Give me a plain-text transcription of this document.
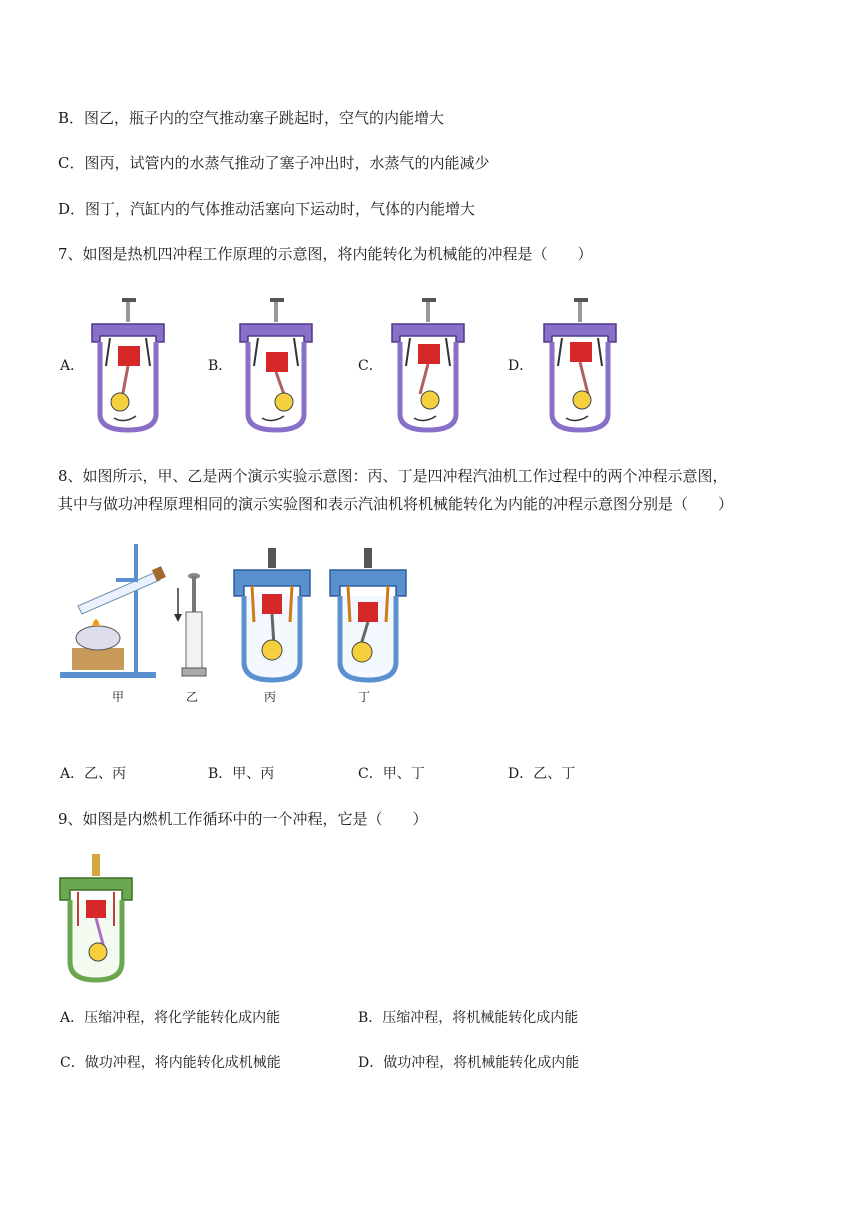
B．图乙，瓶子内的空气推动塞子跳起时，空气的内能增大
C．图丙，试管内的水蒸气推动了塞子冲出时，水蒸气的内能减少
D．图丁，汽缸内的气体推动活塞向下运动时，气体的内能增大
7、如图是热机四冲程工作原理的示意图，将内能转化为机械能的冲程是（　　）
A．	B．	C．	D．
8、如图所示，甲、乙是两个演示实验示意图：丙、丁是四冲程汽油机工作过程中的两个冲程示意图，
其中与做功冲程原理相同的演示实验图和表示汽油机将机械能转化为内能的冲程示意图分别是（　　）
甲	乙	丙	丁
A．乙、丙	B．甲、丙	C．甲、丁	D．乙、丁
9、如图是内燃机工作循环中的一个冲程，它是（　　）
A．压缩冲程，将化学能转化成内能	B．压缩冲程，将机械能转化成内能
C．做功冲程，将内能转化成机械能	D．做功冲程，将机械能转化成内能
